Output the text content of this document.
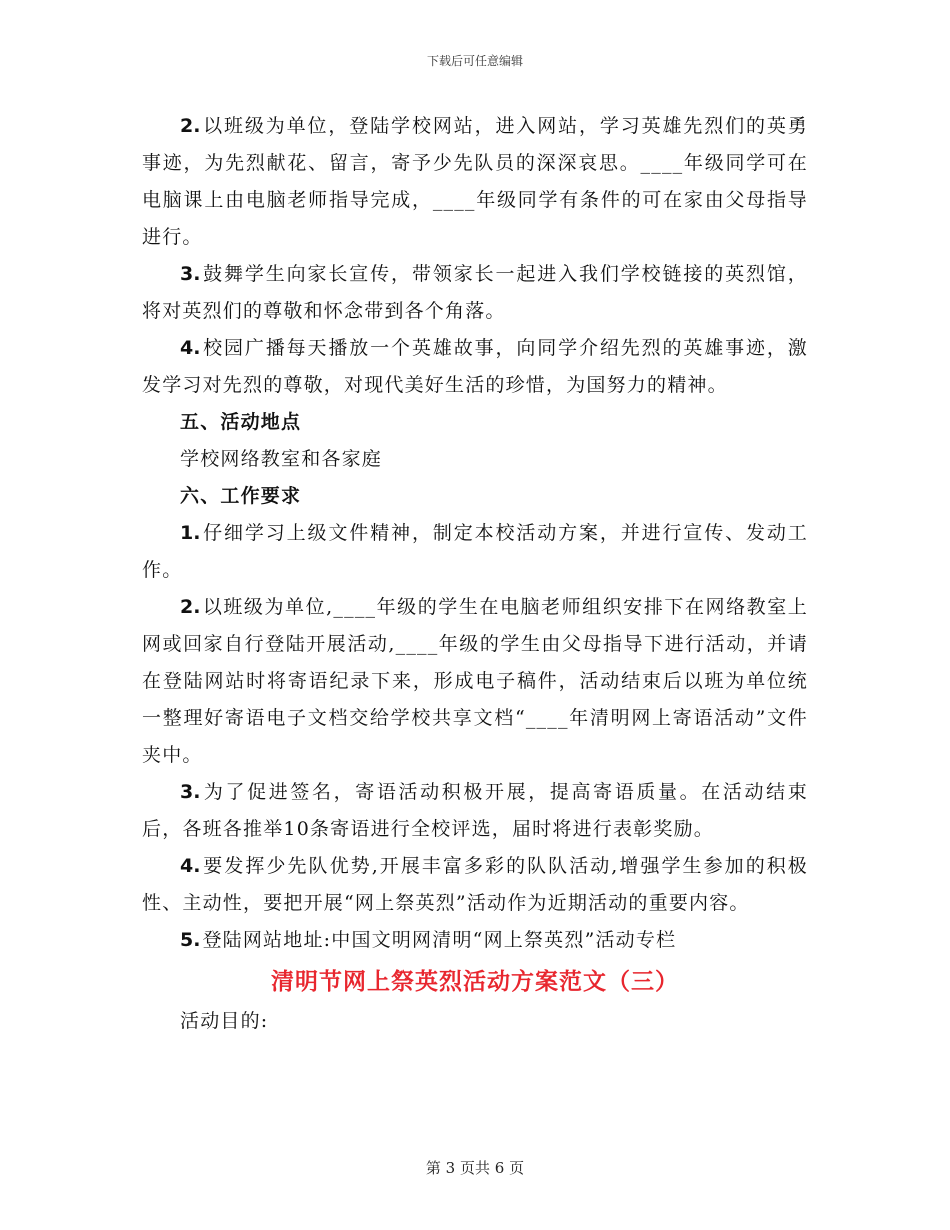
下载后可任意编辑

2. 以班级为单位，登陆学校网站，进入网站，学习英雄先烈们的英勇事迹，为先烈献花、留言，寄予少先队员的深深哀思。____年级同学可在电脑课上由电脑老师指导完成，____年级同学有条件的可在家由父母指导进行。

3. 鼓舞学生向家长宣传，带领家长一起进入我们学校链接的英烈馆，将对英烈们的尊敬和怀念带到各个角落。

4. 校园广播每天播放一个英雄故事，向同学介绍先烈的英雄事迹，激发学习对先烈的尊敬，对现代美好生活的珍惜，为国努力的精神。

五、活动地点

学校网络教室和各家庭

六、工作要求

1. 仔细学习上级文件精神，制定本校活动方案，并进行宣传、发动工作。

2. 以班级为单位,____年级的学生在电脑老师组织安排下在网络教室上网或回家自行登陆开展活动,____年级的学生由父母指导下进行活动，并请在登陆网站时将寄语纪录下来，形成电子稿件，活动结束后以班为单位统一整理好寄语电子文档交给学校共享文档“____年清明网上寄语活动”文件夹中。

3. 为了促进签名，寄语活动积极开展，提高寄语质量。在活动结束后，各班各推举10条寄语进行全校评选，届时将进行表彰奖励。

4. 要发挥少先队优势,开展丰富多彩的队队活动,增强学生参加的积极性、主动性，要把开展“网上祭英烈”活动作为近期活动的重要内容。

5. 登陆网站地址:中国文明网清明“网上祭英烈”活动专栏

清明节网上祭英烈活动方案范文（三）

活动目的:

第 3 页共 6 页
